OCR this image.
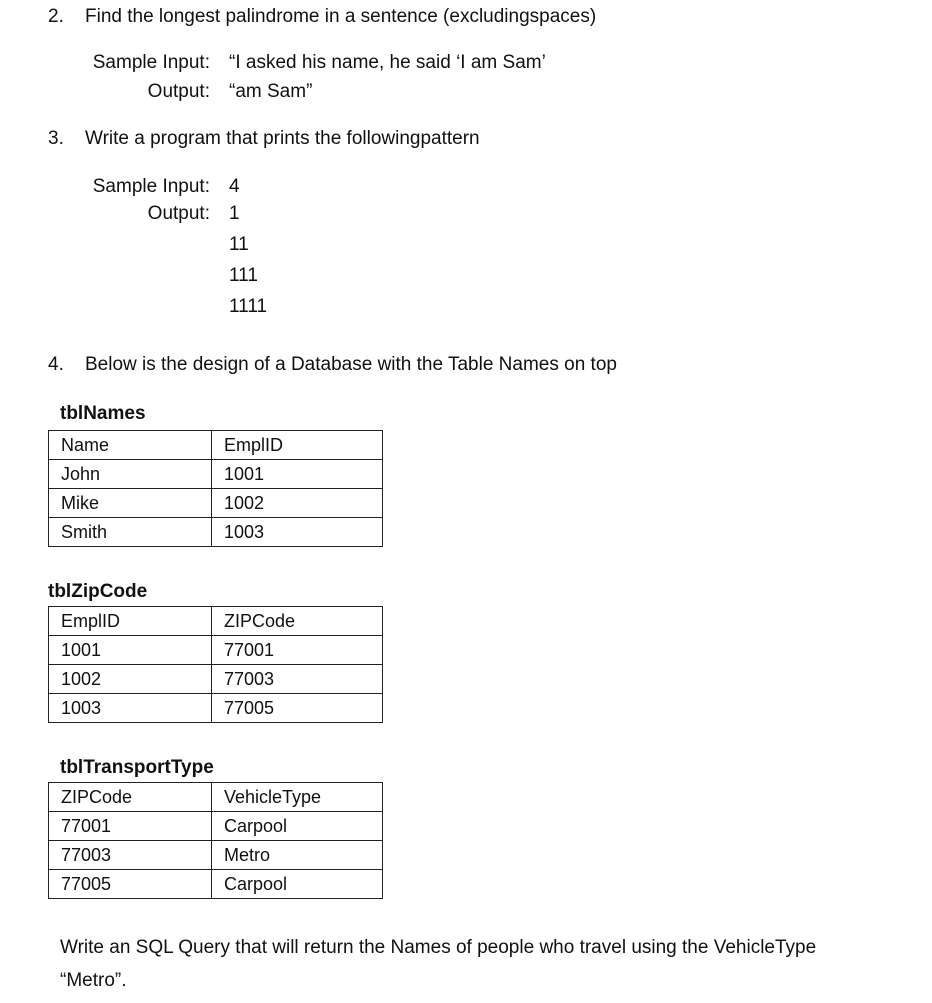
2.	Find the longest palindrome in a sentence (excludingspaces)
Sample Input: “I asked his name, he said ‘I am Sam’
Output: “am Sam”
3.	Write a program that prints the followingpattern
Sample Input: 4
Output: 1
11
111
1111
4.	Below is the design of a Database with the Table Names on top
tblNames
Name	EmplID
John	1001
Mike	1002
Smith	1003
tblZipCode
EmplID	ZIPCode
1001	77001
1002	77003
1003	77005
tblTransportType
ZIPCode	VehicleType
77001	Carpool
77003	Metro
77005	Carpool
Write an SQL Query that will return the Names of people who travel using the VehicleType
“Metro”.
